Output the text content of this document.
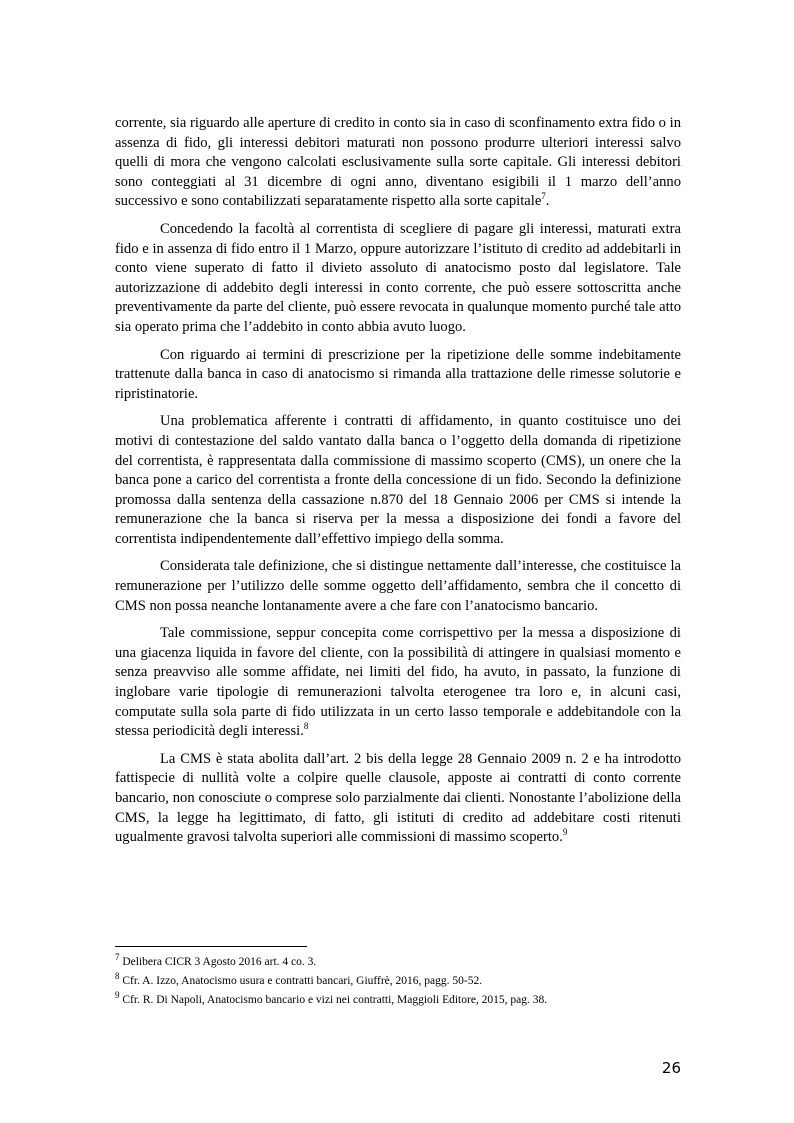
corrente, sia riguardo alle aperture di credito in conto sia in caso di sconfinamento extra fido o in assenza di fido, gli interessi debitori maturati non possono produrre ulteriori interessi salvo quelli di mora che vengono calcolati esclusivamente sulla sorte capitale. Gli interessi debitori sono conteggiati al 31 dicembre di ogni anno, diventano esigibili il 1 marzo dell’anno successivo e sono contabilizzati separatamente rispetto alla sorte capitale$^7$.

Concedendo la facoltà al correntista di scegliere di pagare gli interessi, maturati extra fido e in assenza di fido entro il 1 Marzo, oppure autorizzare l’istituto di credito ad addebitarli in conto viene superato di fatto il divieto assoluto di anatocismo posto dal legislatore. Tale autorizzazione di addebito degli interessi in conto corrente, che può essere sottoscritta anche preventivamente da parte del cliente, può essere revocata in qualunque momento purché tale atto sia operato prima che l’addebito in conto abbia avuto luogo.

Con riguardo ai termini di prescrizione per la ripetizione delle somme indebitamente trattenute dalla banca in caso di anatocismo si rimanda alla trattazione delle rimesse solutorie e ripristinatorie.

Una problematica afferente i contratti di affidamento, in quanto costituisce uno dei motivi di contestazione del saldo vantato dalla banca o l’oggetto della domanda di ripetizione del correntista, è rappresentata dalla commissione di massimo scoperto (CMS), un onere che la banca pone a carico del correntista a fronte della concessione di un fido. Secondo la definizione promossa dalla sentenza della cassazione n.870 del 18 Gennaio 2006 per CMS si intende la remunerazione che la banca si riserva per la messa a disposizione dei fondi a favore del correntista indipendentemente dall’effettivo impiego della somma.

Considerata tale definizione, che si distingue nettamente dall’interesse, che costituisce la remunerazione per l’utilizzo delle somme oggetto dell’affidamento, sembra che il concetto di CMS non possa neanche lontanamente avere a che fare con l’anatocismo bancario.

Tale commissione, seppur concepita come corrispettivo per la messa a disposizione di una giacenza liquida in favore del cliente, con la possibilità di attingere in qualsiasi momento e senza preavviso alle somme affidate, nei limiti del fido, ha avuto, in passato, la funzione di inglobare varie tipologie di remunerazioni talvolta eterogenee tra loro e, in alcuni casi, computate sulla sola parte di fido utilizzata in un certo lasso temporale e addebitandole con la stessa periodicità degli interessi.$^8$

La CMS è stata abolita dall’art. 2 bis della legge 28 Gennaio 2009 n. 2 e ha introdotto fattispecie di nullità volte a colpire quelle clausole, apposte ai contratti di conto corrente bancario, non conosciute o comprese solo parzialmente dai clienti. Nonostante l’abolizione della CMS, la legge ha legittimato, di fatto, gli istituti di credito ad addebitare costi ritenuti ugualmente gravosi talvolta superiori alle commissioni di massimo scoperto.$^9$

$^7$ Delibera CICR 3 Agosto 2016 art. 4 co. 3.

$^8$ Cfr. A. Izzo, Anatocismo usura e contratti bancari, Giuffrè, 2016, pagg. 50-52.

$^9$ Cfr. R. Di Napoli, Anatocismo bancario e vizi nei contratti, Maggioli Editore, 2015, pag. 38.

26
